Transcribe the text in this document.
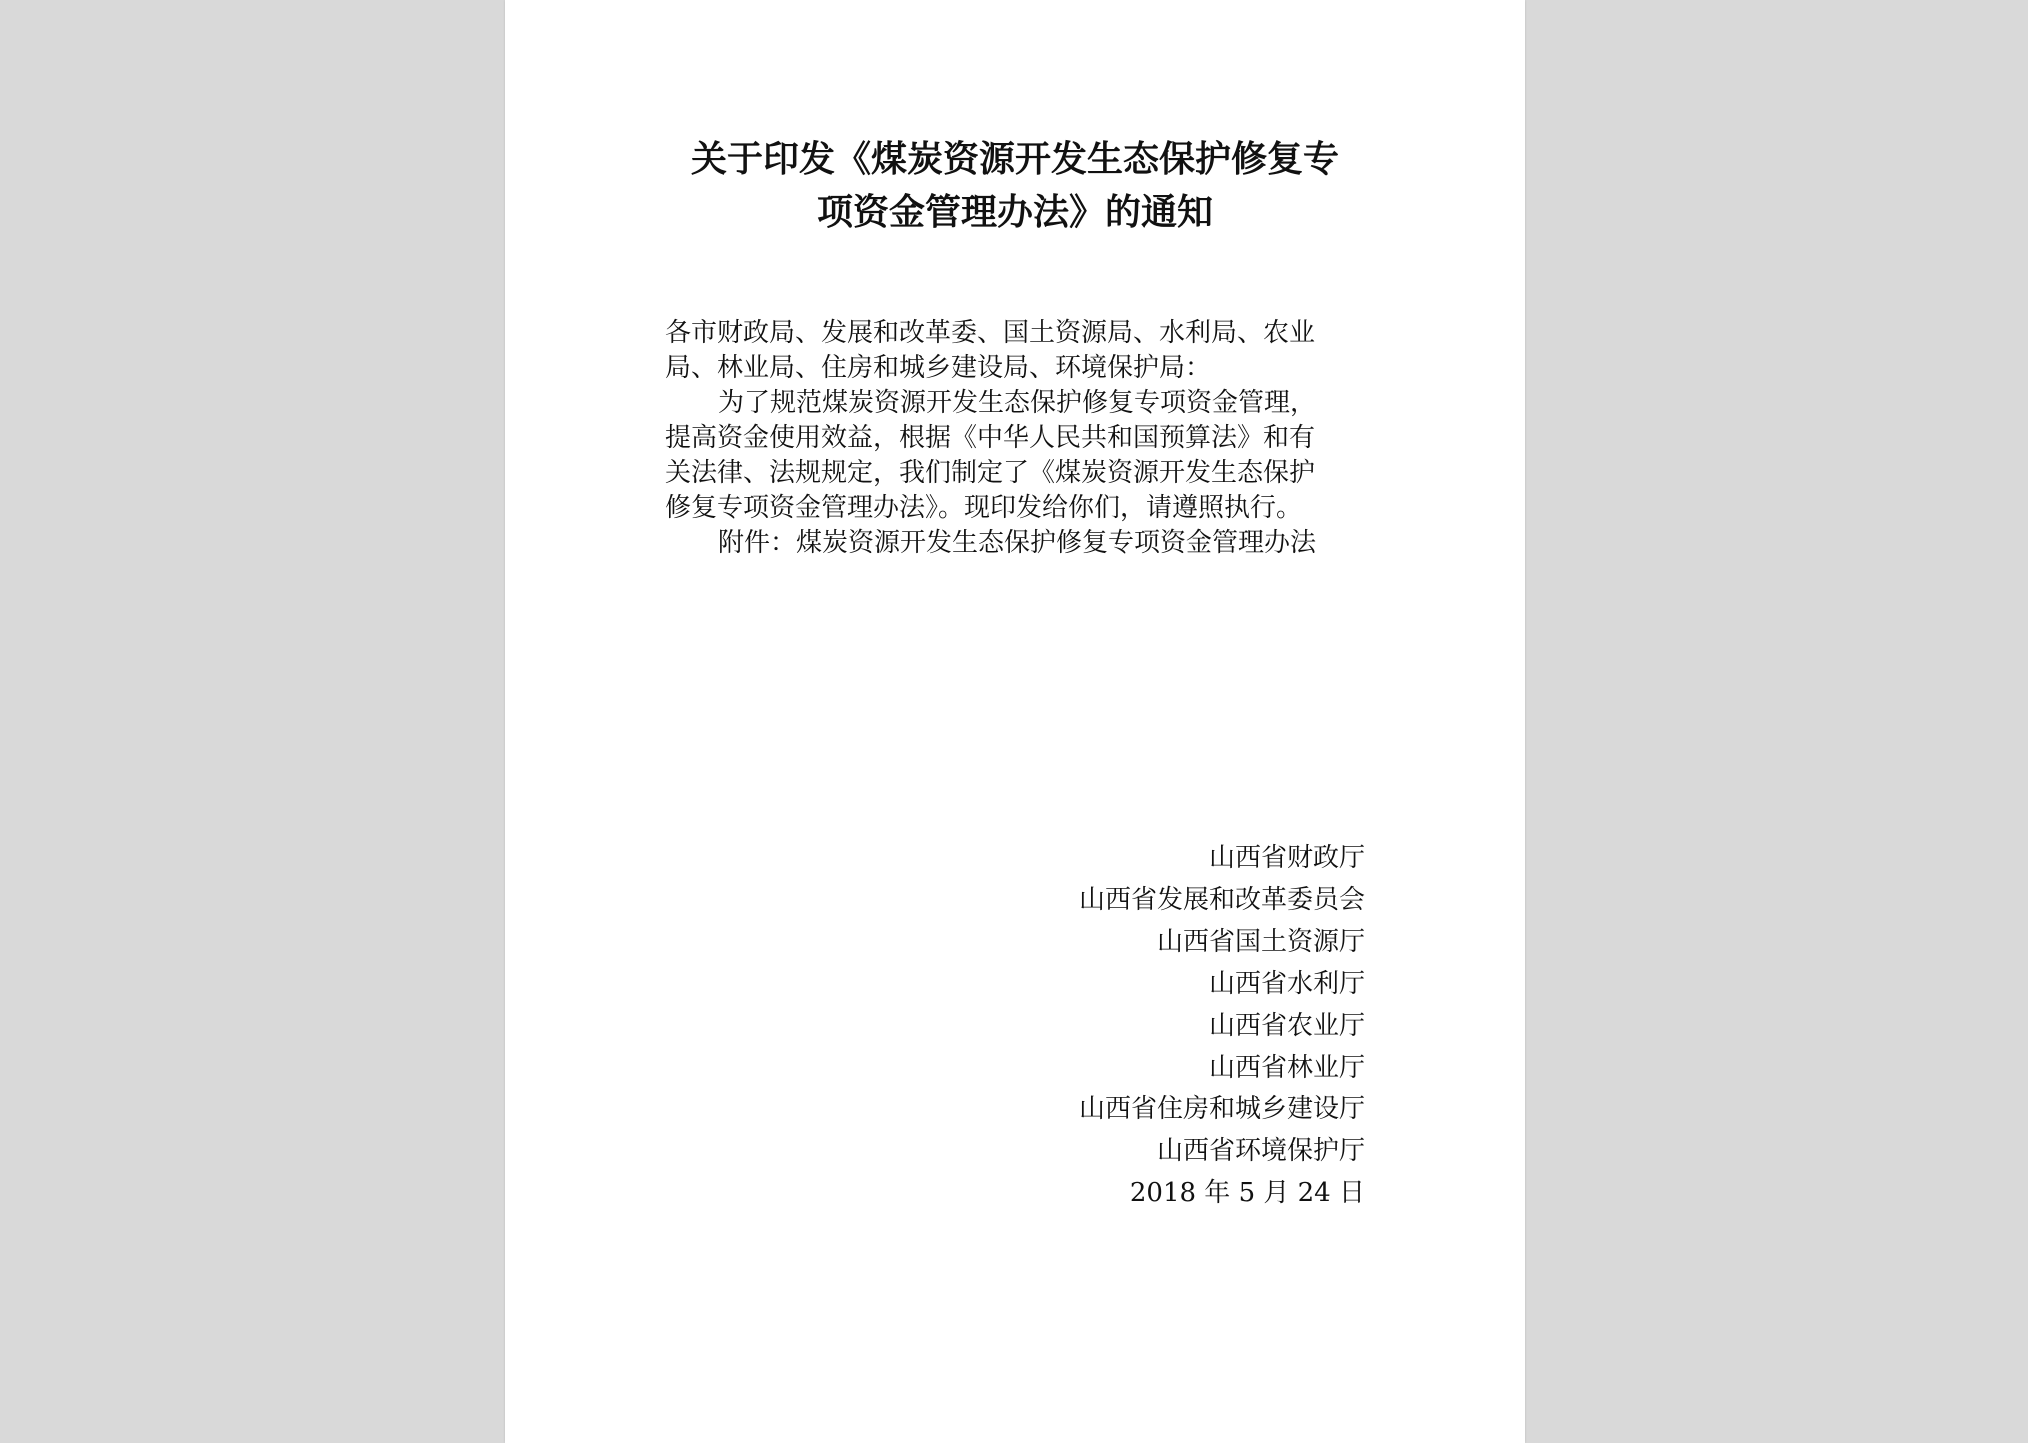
关于印发《煤炭资源开发生态保护修复专
项资金管理办法》的通知

各市财政局、发展和改革委、国土资源局、水利局、农业

局、林业局、住房和城乡建设局、环境保护局：

为了规范煤炭资源开发生态保护修复专项资金管理，

提高资金使用效益，根据《中华人民共和国预算法》和有

关法律、法规规定，我们制定了《煤炭资源开发生态保护

修复专项资金管理办法》。现印发给你们，请遵照执行。

附件：煤炭资源开发生态保护修复专项资金管理办法

山西省财政厅
山西省发展和改革委员会
山西省国土资源厅
山西省水利厅
山西省农业厅
山西省林业厅
山西省住房和城乡建设厅
山西省环境保护厅
2018 年 5 月 24 日
